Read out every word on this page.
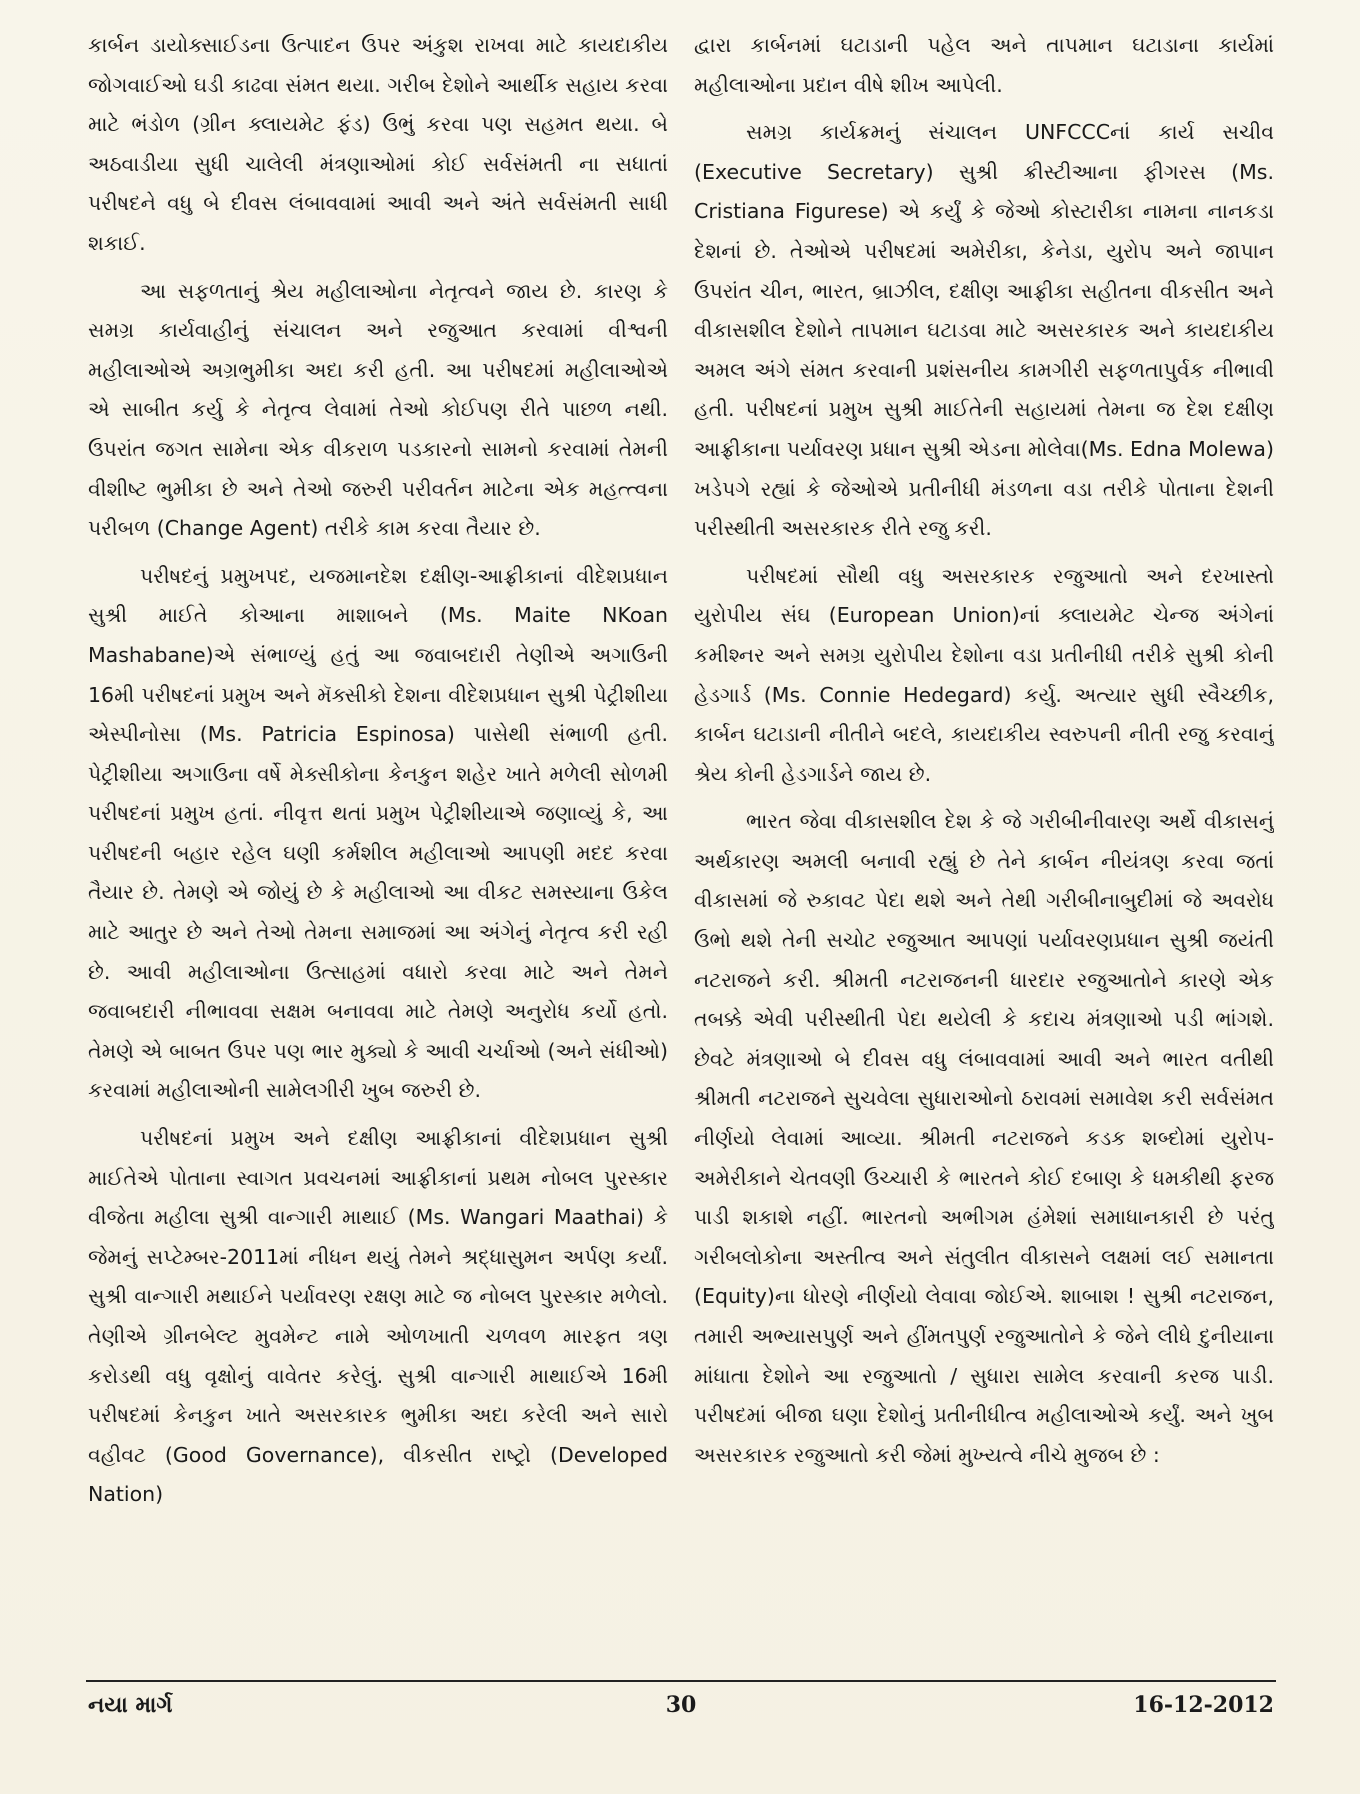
કાર્બન ડાયોક્સાઈડના ઉત્પાદન ઉપર અંકુશ રાખવા માટે કાયદાકીય જોગવાઈઓ ઘડી કાઢવા સંમત થયા. ગરીબ દેશોને આર્થીક સહાય કરવા માટે ભંડોળ (ગ્રીન ક્લાયમેટ ફંડ) ઉભું કરવા પણ સહમત થયા. બે અઠવાડીયા સુધી ચાલેલી મંત્રણાઓમાં કોઈ સર્વસંમતી ના સધાતાં પરીષદને વધુ બે દીવસ લંબાવવામાં આવી અને અંતે સર્વસંમતી સાધી શકાઈ.

આ સફળતાનું શ્રેય મહીલાઓના નેતૃત્વને જાય છે. કારણ કે સમગ્ર કાર્યવાહીનું સંચાલન અને રજુઆત કરવામાં વીશ્વની મહીલાઓએ અગ્રભુમીકા અદા કરી હતી. આ પરીષદમાં મહીલાઓએ એ સાબીત કર્યુ કે નેતૃત્વ લેવામાં તેઓ કોઈપણ રીતે પાછળ નથી. ઉપરાંત જગત સામેના એક વીકરાળ પડકારનો સામનો કરવામાં તેમની વીશીષ્ટ ભુમીકા છે અને તેઓ જરુરી પરીવર્તન માટેના એક મહત્ત્વના પરીબળ (Change Agent) તરીકે કામ કરવા તૈયાર છે.

પરીષદનું પ્રમુખપદ, યજમાનદેશ દક્ષીણ-આફ્રીકાનાં વીદેશપ્રધાન સુશ્રી માઈતે કોઆના માશાબને (Ms. Maite NKoan Mashabane)એ સંભાળ્યું હતું આ જવાબદારી તેણીએ અગાઉની 16મી પરીષદનાં પ્રમુખ અને મૅક્સીકો દેશના વીદેશપ્રધાન સુશ્રી પેટ્રીશીયા એસ્પીનોસા (Ms. Patricia Espinosa) પાસેથી સંભાળી હતી. પેટ્રીશીયા અગાઉના વર્ષે મેક્સીકોના કેનકુન શહેર ખાતે મળેલી સોળમી પરીષદનાં પ્રમુખ હતાં. નીવૃત્ત થતાં પ્રમુખ પેટ્રીશીયાએ જણાવ્યું કે, આ પરીષદની બહાર રહેલ ઘણી કર્મશીલ મહીલાઓ આપણી મદદ કરવા તૈયાર છે. તેમણે એ જોયું છે કે મહીલાઓ આ વીકટ સમસ્યાના ઉકેલ માટે આતુર છે અને તેઓ તેમના સમાજમાં આ અંગેનું નેતૃત્વ કરી રહી છે. આવી મહીલાઓના ઉત્સાહમાં વધારો કરવા માટે અને તેમને જવાબદારી નીભાવવા સક્ષમ બનાવવા માટે તેમણે અનુરોધ કર્યો હતો. તેમણે એ બાબત ઉપર પણ ભાર મુક્યો કે આવી ચર્ચાઓ (અને સંધીઓ) કરવામાં મહીલાઓની સામેલગીરી ખુબ જરુરી છે.

પરીષદનાં પ્રમુખ અને દક્ષીણ આફ્રીકાનાં વીદેશપ્રધાન સુશ્રી માઈતેએ પોતાના સ્વાગત પ્રવચનમાં આફ્રીકાનાં પ્રથમ નોબલ પુરસ્કાર વીજેતા મહીલા સુશ્રી વાન્ગારી માથાઈ (Ms. Wangari Maathai) કે જેમનું સપ્ટેમ્બર-2011માં નીધન થયું તેમને શ્રદ્ધાસુમન અર્પણ કર્યાં. સુશ્રી વાન્ગારી મથાઈને પર્યાવરણ રક્ષણ માટે જ નોબલ પુરસ્કાર મળેલો. તેણીએ ગ્રીનબેલ્ટ મુવમેન્ટ નામે ઓળખાતી ચળવળ મારફત ત્રણ કરોડથી વધુ વૃક્ષોનું વાવેતર કરેલું. સુશ્રી વાન્ગારી માથાઈએ 16મી પરીષદમાં કેનકુન ખાતે અસરકારક ભુમીકા અદા કરેલી અને સારો વહીવટ (Good Governance), વીકસીત રાષ્ટ્રો (Developed Nation)

દ્વારા કાર્બનમાં ઘટાડાની પહેલ અને તાપમાન ઘટાડાના કાર્યમાં મહીલાઓના પ્રદાન વીષે શીખ આપેલી.

સમગ્ર કાર્યક્રમનું સંચાલન UNFCCCનાં કાર્ય સચીવ (Executive Secretary) સુશ્રી ક્રીસ્ટીઆના ફીગરસ (Ms. Cristiana Figurese) એ કર્યું કે જેઓ કોસ્ટારીકા નામના નાનકડા દેશનાં છે. તેઓએ પરીષદમાં અમેરીકા, કેનેડા, યુરોપ અને જાપાન ઉપરાંત ચીન, ભારત, બ્રાઝીલ, દક્ષીણ આફ્રીકા સહીતના વીકસીત અને વીકાસશીલ દેશોને તાપમાન ઘટાડવા માટે અસરકારક અને કાયદાકીય અમલ અંગે સંમત કરવાની પ્રશંસનીય કામગીરી સફળતાપુર્વક નીભાવી હતી. પરીષદનાં પ્રમુખ સુશ્રી માઈતેની સહાયમાં તેમના જ દેશ દક્ષીણ આફ્રીકાના પર્યાવરણ પ્રધાન સુશ્રી એડના મોલેવા(Ms. Edna Molewa) ખડેપગે રહ્યાં કે જેઓએ પ્રતીનીધી મંડળના વડા તરીકે પોતાના દેશની પરીસ્થીતી અસરકારક રીતે રજુ કરી.

પરીષદમાં સૌથી વધુ અસરકારક રજુઆતો અને દરખાસ્તો યુરોપીય સંઘ (European Union)નાં ક્લાયમેટ ચેન્જ અંગેનાં કમીશ્નર અને સમગ્ર યુરોપીય દેશોના વડા પ્રતીનીધી તરીકે સુશ્રી કોની હેડગાર્ડ (Ms. Connie Hedegard) કર્યુ. અત્યાર સુધી સ્વૈચ્છીક, કાર્બન ઘટાડાની નીતીને બદલે, કાયદાકીય સ્વરુપની નીતી રજુ કરવાનું શ્રેય કોની હેડગાર્ડને જાય છે.

ભારત જેવા વીકાસશીલ દેશ કે જે ગરીબીનીવારણ અર્થે વીકાસનું અર્થકારણ અમલી બનાવી રહ્યું છે તેને કાર્બન નીયંત્રણ કરવા જતાં વીકાસમાં જે રુકાવટ પેદા થશે અને તેથી ગરીબીનાબુદીમાં જે અવરોધ ઉભો થશે તેની સચોટ રજુઆત આપણાં પર્યાવરણપ્રધાન સુશ્રી જયંતી નટરાજને કરી. શ્રીમતી નટરાજનની ધારદાર રજુઆતોને કારણે એક તબક્કે એવી પરીસ્થીતી પેદા થયેલી કે કદાચ મંત્રણાઓ પડી ભાંગશે. છેવટે મંત્રણાઓ બે દીવસ વધુ લંબાવવામાં આવી અને ભારત વતીથી શ્રીમતી નટરાજને સુચવેલા સુધારાઓનો ઠરાવમાં સમાવેશ કરી સર્વસંમત નીર્ણયો લેવામાં આવ્યા. શ્રીમતી નટરાજને કડક શબ્દોમાં યુરોપ-અમેરીકાને ચેતવણી ઉચ્ચારી કે ભારતને કોઈ દબાણ કે ધમકીથી ફરજ પાડી શકાશે નહીં. ભારતનો અભીગમ હંમેશાં સમાધાનકારી છે પરંતુ ગરીબલોકોના અસ્તીત્વ અને સંતુલીત વીકાસને લક્ષમાં લઈ સમાનતા (Equity)ના ધોરણે નીર્ણયો લેવાવા જોઈએ. શાબાશ ! સુશ્રી નટરાજન, તમારી અભ્યાસપુર્ણ અને હીંમતપુર્ણ રજુઆતોને કે જેને લીધે દુનીયાના માંધાતા દેશોને આ રજુઆતો / સુધારા સામેલ કરવાની કરજ પાડી. પરીષદમાં બીજા ઘણા દેશોનું પ્રતીનીધીત્વ મહીલાઓએ કર્યું. અને ખુબ અસરકારક રજુઆતો કરી જેમાં મુખ્યત્વે નીચે મુજબ છે :

નયા માર્ગ	30	16-12-2012
